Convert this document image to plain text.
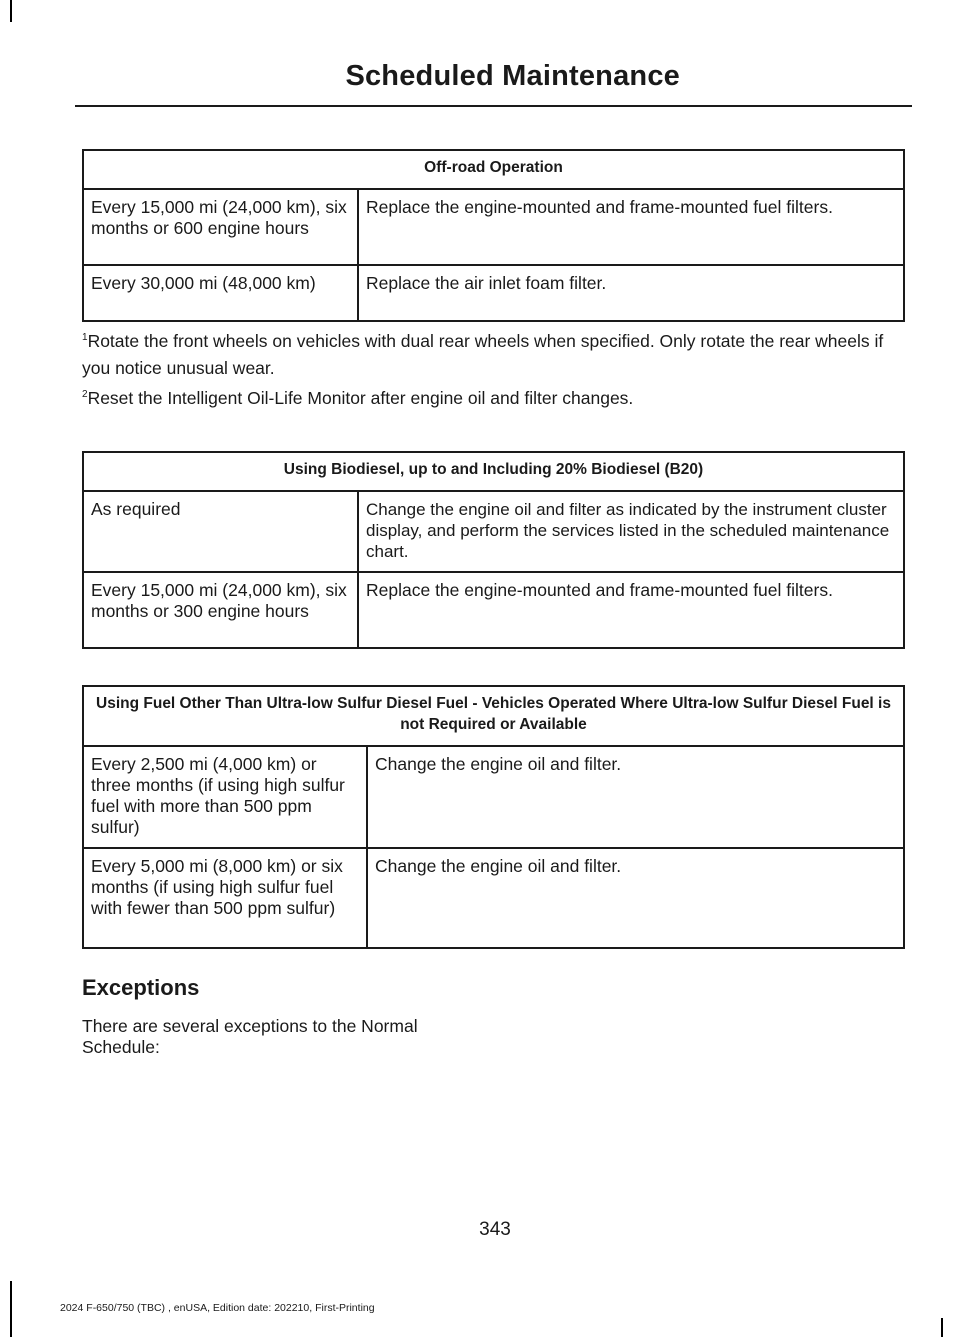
Scheduled Maintenance
Off-road Operation	
Every 15,000 mi (24,000 km), six months or 600 engine hours	Replace the engine-mounted and frame-mounted fuel filters.
Every 30,000 mi (48,000 km)	Replace the air inlet foam filter.

$^1$Rotate the front wheels on vehicles with dual rear wheels when specified. Only rotate the rear wheels if you notice unusual wear.

$^2$Reset the Intelligent Oil-Life Monitor after engine oil and filter changes.

Using Biodiesel, up to and Including 20% Biodiesel (B20)	
As required	Change the engine oil and filter as indicated by the instrument cluster display, and perform the services listed in the scheduled maintenance chart.
Every 15,000 mi (24,000 km), six months or 300 engine hours	Replace the engine-mounted and frame-mounted fuel filters.
Using Fuel Other Than Ultra-low Sulfur Diesel Fuel - Vehicles Operated Where Ultra-low Sulfur Diesel Fuel is not Required or Available	
Every 2,500 mi (4,000 km) or three months (if using high sulfur fuel with more than 500 ppm sulfur)	Change the engine oil and filter.
Every 5,000 mi (8,000 km) or six months (if using high sulfur fuel with fewer than 500 ppm sulfur)	Change the engine oil and filter.
Exceptions

There are several exceptions to the Normal Schedule:

343
2024 F-650/750 (TBC) , enUSA, Edition date: 202210, First-Printing
